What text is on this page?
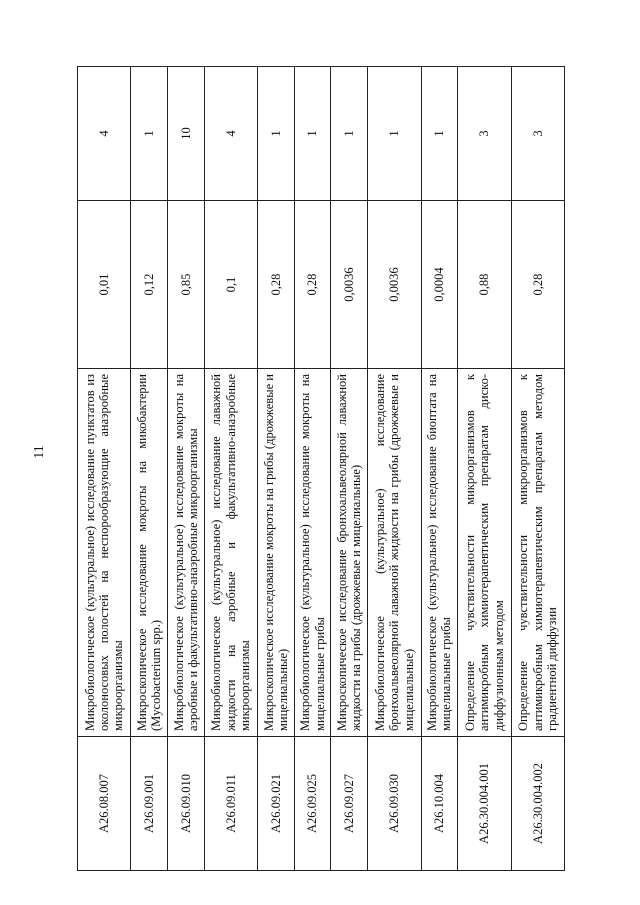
11
A26.08.007	Микробиологическое (культуральное) исследование пунктатов из околоносовых полостей на неспорообразующие анаэробные микроорганизмы	0,01	4
A26.09.001	Микроскопическое исследование мокроты на микобактерии (Mycobacterium spp.)	0,12	1
A26.09.010	Микробиологическое (культуральное) исследование мокроты на аэробные и факультативно-анаэробные микроорганизмы	0,85	10
A26.09.011	Микробиологическое (культуральное) исследование лаважной жидкости на аэробные и факультативно-анаэробные микроорганизмы	0,1	4
A26.09.021	Микроскопическое исследование мокроты на грибы (дрожжевые и мицелиальные)	0,28	1
A26.09.025	Микробиологическое (культуральное) исследование мокроты на мицелиальные грибы	0,28	1
A26.09.027	Микроскопическое исследование бронхоальвеолярной лаважной жидкости на грибы (дрожжевые и мицелиальные)	0,0036	1
A26.09.030	Микробиологическое (культуральное) исследование бронхоальвеолярной лаважной жидкости на грибы (дрожжевые и мицелиальные)	0,0036	1
A26.10.004	Микробиологическое (культуральное) исследование биоптата на мицелиальные грибы	0,0004	1
A26.30.004.001	Определение чувствительности микроорганизмов к антимикробным химиотерапевтическим препаратам диско-диффузионным методом	0,88	3
A26.30.004.002	Определение чувствительности микроорганизмов к антимикробным химиотерапевтическим препаратам методом градиентной диффузии	0,28	3
